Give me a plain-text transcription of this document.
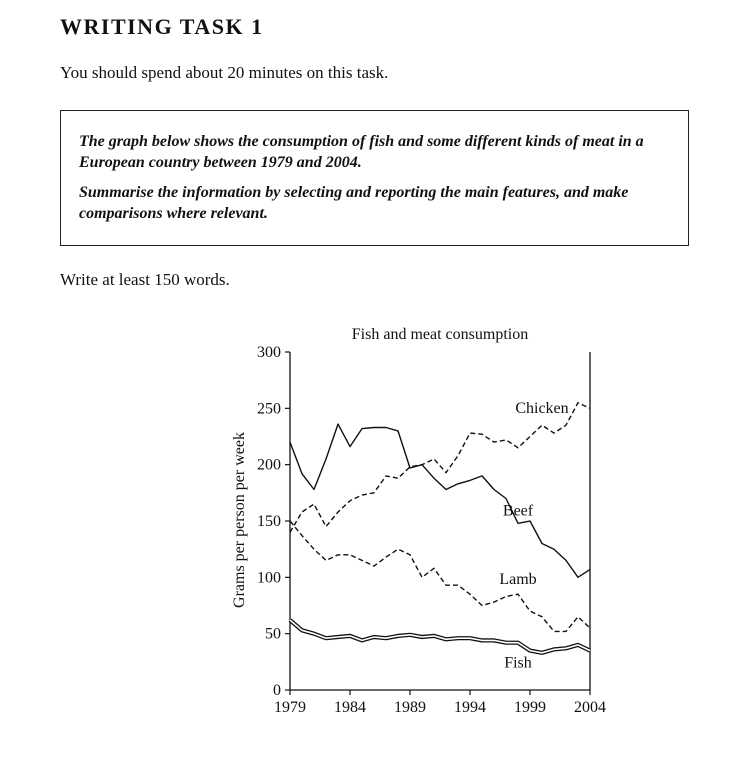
WRITING TASK 1
You should spend about 20 minutes on this task.

The graph below shows the consumption of fish and some different kinds of meat in a European country between 1979 and 2004.

Summarise the information by selecting and reporting the main features, and make comparisons where relevant.

Write at least 150 words.
Fish and meat consumption
Grams per person per week
0
50
100
150
200
250
300
1979 1984 1989 1994 1999 2004
Chicken
Beef
Lamb
Fish
